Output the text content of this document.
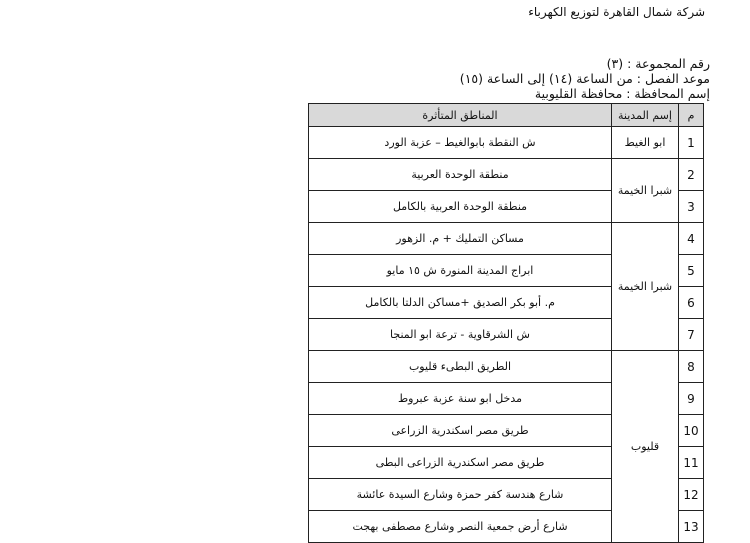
شركة شمال القاهرة لتوزيع الكهرباء
رقم المجموعة : (٣)
موعد الفصل : من الساعة (١٤) إلى الساعة (١٥)
إسم المحافظة : محافظة القليوبية
م	إسم المدينة	المناطق المتأثرة
1	ابو الغيط	ش النقطة بابوالغيط – عزبة الورد
2	شبرا الخيمة	منطقة الوحدة العربية
3		منطقة الوحدة العربية بالكامل
4	شبرا الخيمة	مساكن التمليك + م. الزهور
5		ابراج المدينة المنورة ش ١٥ مايو
6		م. أبو بكر الصديق +مساكن الدلتا بالكامل
7		ش الشرقاوية - ترعة ابو المنجا
8	قليوب	الطريق البطىء قليوب
9		مدخل ابو سنة عزبة عبروط
10		طريق مصر اسكندرية الزراعى
11		طريق مصر اسكندرية الزراعى البطى
12		شارع هندسة كفر حمزة وشارع السيدة عائشة
13		شارع أرض جمعية النصر وشارع مصطفى بهجت
